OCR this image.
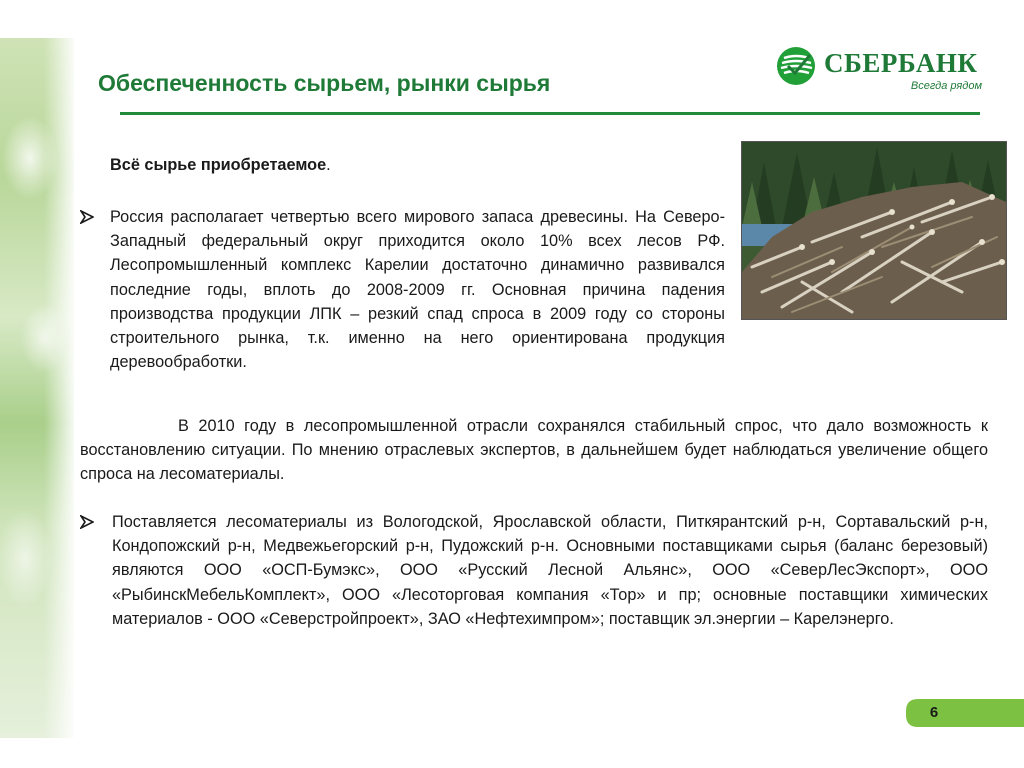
Обеспеченность сырьем, рынки сырья
СБЕРБАНК
Всегда рядом

Всё сырье приобретаемое.

Россия располагает четвертью всего мирового запаса древесины. На Северо-Западный федеральный округ приходится около 10% всех лесов РФ. Лесопромышленный комплекс Карелии достаточно динамично развивался последние годы, вплоть до 2008-2009 гг. Основная причина падения производства продукции ЛПК – резкий спад спроса в 2009 году со стороны строительного рынка, т.к. именно на него ориентирована продукция деревообработки.

В 2010 году в лесопромышленной отрасли сохранялся стабильный спрос, что дало возможность к восстановлению ситуации. По мнению отраслевых экспертов, в дальнейшем будет наблюдаться увеличение общего спроса на лесоматериалы.

Поставляется лесоматериалы из Вологодской, Ярославской области, Питкярантский р-н, Сортавальский р-н, Кондопожский р-н, Медвежьегорский р-н, Пудожский р-н. Основными поставщиками сырья (баланс березовый) являются ООО «ОСП-Бумэкс», ООО «Русский Лесной Альянс», ООО «СеверЛесЭкспорт», ООО «РыбинскМебельКомплект», ООО «Лесоторговая компания «Тор» и пр; основные поставщики химических материалов - ООО «Северстройпроект», ЗАО «Нефтехимпром»; поставщик эл.энергии – Карелэнерго.

6
